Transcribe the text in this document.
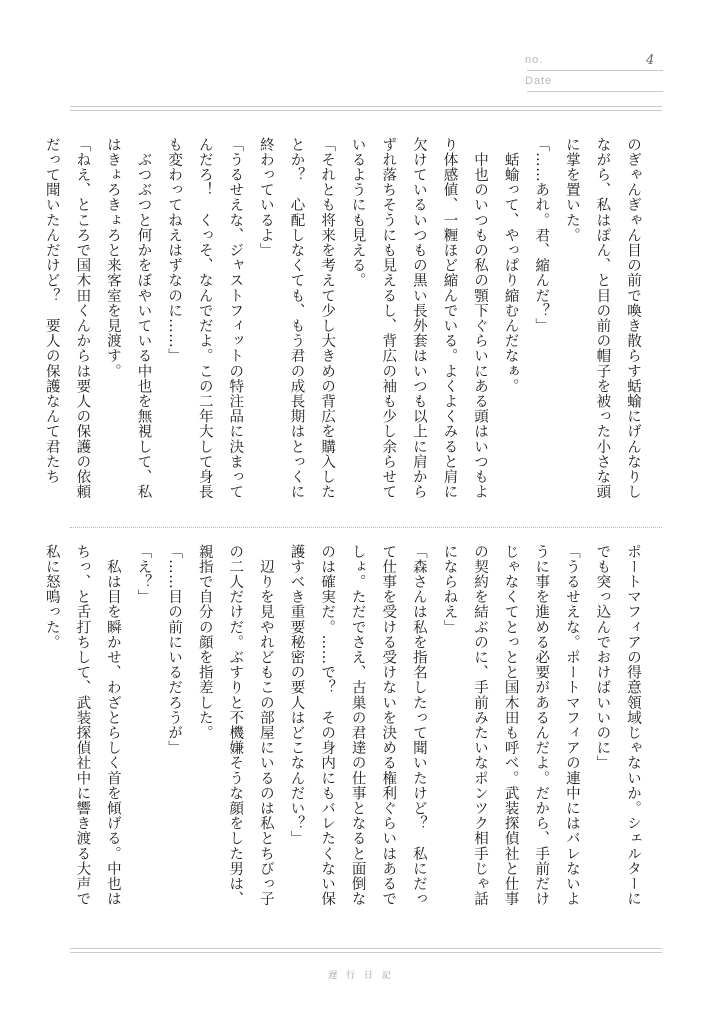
no.
Date
4

のぎゃんぎゃん目の前で喚き散らす蛞蝓にげんなりし

ながら、私はぽん、と目の前の帽子を被った小さな頭

に掌を置いた。

「……あれ。君、縮んだ？」

　蛞蝓って、やっぱり縮むんだなぁ。

　中也のいつもの私の顎下ぐらいにある頭はいつもよ

り体感値、一糎ほど縮んでいる。よくよくみると肩に

欠けているいつもの黒い長外套はいつも以上に肩から

ずれ落ちそうにも見えるし、背広の袖も少し余らせて

いるようにも見える。

「それとも将来を考えて少し大きめの背広を購入した

とか？　心配しなくても、もう君の成長期はとっくに

終わっているよ」

「うるせえな、ジャストフィットの特注品に決まって

んだろ！　くっそ、なんでだよ。この二年大して身長

も変わってねえはずなのに……」

　ぶつぶつと何かをぼやいている中也を無視して、私

はきょろきょろと来客室を見渡す。

「ねえ、ところで国木田くんからは要人の保護の依頼

だって聞いたんだけど？　要人の保護なんて君たち

ポートマフィアの得意領域じゃないか。シェルターに

でも突っ込んでおけばいいのに」

「うるせえな。ポートマフィアの連中にはバレないよ

うに事を進める必要があるんだよ。だから、手前だけ

じゃなくてとっとと国木田も呼べ。武装探偵社と仕事

の契約を結ぶのに、手前みたいなポンツク相手じゃ話

にならねえ」

「森さんは私を指名したって聞いたけど？　私にだっ

て仕事を受ける受けないを決める権利ぐらいはあるで

しょ。ただでさえ、古巣の君達の仕事となると面倒な

のは確実だ。……で？　その身内にもバレたくない保

護すべき重要秘密の要人はどこなんだい？」

　辺りを見やれどもこの部屋にいるのは私とちびっ子

の二人だけだ。ぶすりと不機嫌そうな顔をした男は、

親指で自分の顔を指差した。

「……目の前にいるだろうが」

「え？」

　私は目を瞬かせ、わざとらしく首を傾げる。中也は

ちっ、と舌打ちして、武装探偵社中に響き渡る大声で

私に怒鳴った。

遅 行 日 記
